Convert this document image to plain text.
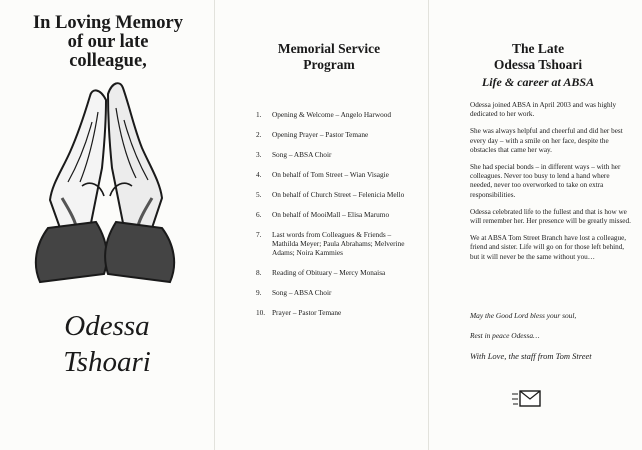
In Loving Memory
of our late
colleague,
Odessa
Tshoari
Memorial Service
Program
1.	Opening & Welcome – Angelo Harwood
2.	Opening Prayer – Pastor Temane
3.	Song – ABSA Choir
4.	On behalf of Tom Street – Wian Visagie
5.	On behalf of Church Street – Felenicia Mello
6.	On behalf of MooiMall – Elisa Marumo
7.	Last words from Colleagues & Friends – Mathilda Meyer; Paula Abrahams; Melverine Adams; Noira Kammies
8.	Reading of Obituary – Mercy Monaisa
9.	Song – ABSA Choir
10. Prayer – Pastor Temane
The Late
Odessa Tshoari
Life & career at ABSA

Odessa joined ABSA in April 2003 and was highly dedicated to her work.

She was always helpful and cheerful and did her best every day – with a smile on her face, despite the obstacles that came her way.

She had special bonds – in different ways – with her colleagues. Never too busy to lend a hand where needed, never too overworked to take on extra responsibilities.

Odessa celebrated life to the fullest and that is how we will remember her. Her presence will be greatly missed.

We at ABSA Tom Street Branch have lost a colleague, friend and sister. Life will go on for those left behind, but it will never be the same without you…

May the Good Lord bless your soul,
Rest in peace Odessa…
With Love, the staff from Tom Street
